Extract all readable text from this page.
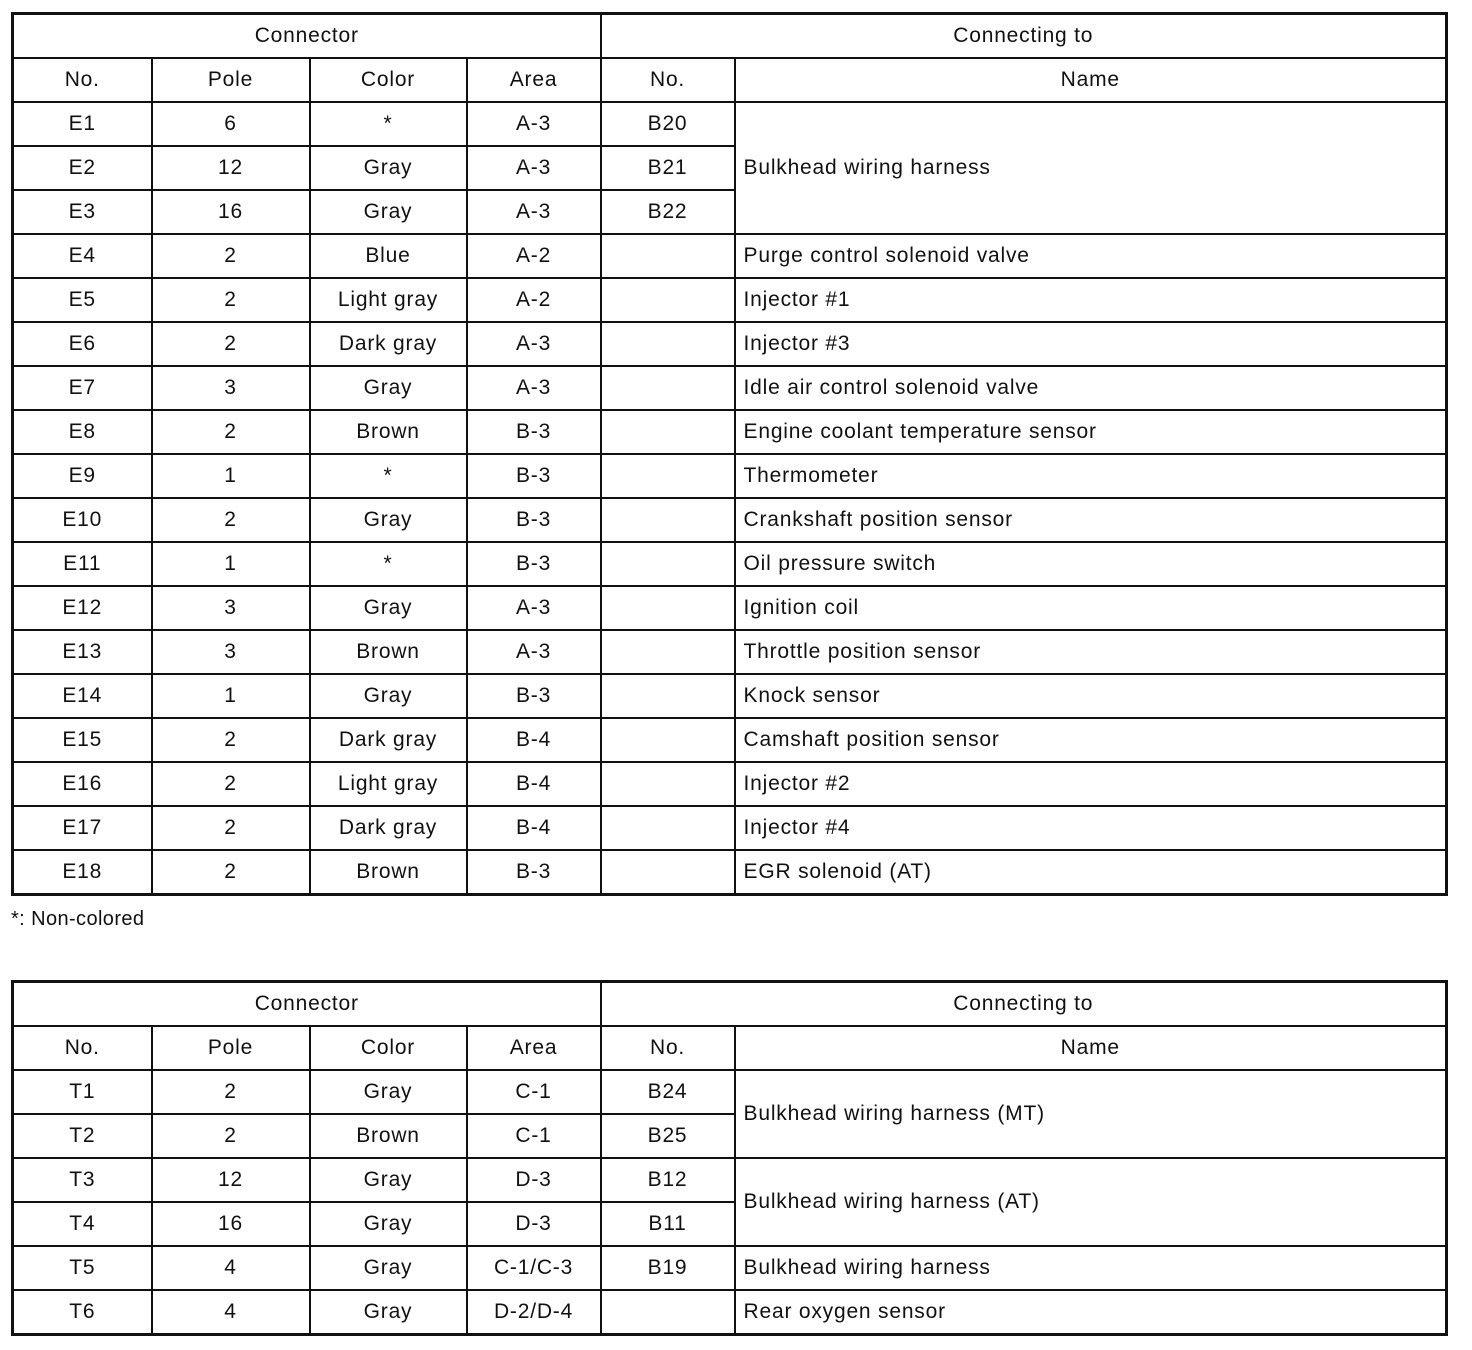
Connector				Connecting to	
No.	Pole	Color	Area	No.	Name
E1	6	*	A-3	B20	Bulkhead wiring harness
E2	12	Gray	A-3	B21	
E3	16	Gray	A-3	B22	
E4	2	Blue	A-2		Purge control solenoid valve
E5	2	Light gray	A-2		Injector #1
E6	2	Dark gray	A-3		Injector #3
E7	3	Gray	A-3		Idle air control solenoid valve
E8	2	Brown	B-3		Engine coolant temperature sensor
E9	1	*	B-3		Thermometer
E10	2	Gray	B-3		Crankshaft position sensor
E11	1	*	B-3		Oil pressure switch
E12	3	Gray	A-3		Ignition coil
E13	3	Brown	A-3		Throttle position sensor
E14	1	Gray	B-3		Knock sensor
E15	2	Dark gray	B-4		Camshaft position sensor
E16	2	Light gray	B-4		Injector #2
E17	2	Dark gray	B-4		Injector #4
E18	2	Brown	B-3		EGR solenoid (AT)
*: Non-colored
Connector				Connecting to	
No.	Pole	Color	Area	No.	Name
T1	2	Gray	C-1	B24	Bulkhead wiring harness (MT)
T2	2	Brown	C-1	B25	
T3	12	Gray	D-3	B12	Bulkhead wiring harness (AT)
T4	16	Gray	D-3	B11	
T5	4	Gray	C-1/C-3	B19	Bulkhead wiring harness
T6	4	Gray	D-2/D-4		Rear oxygen sensor
